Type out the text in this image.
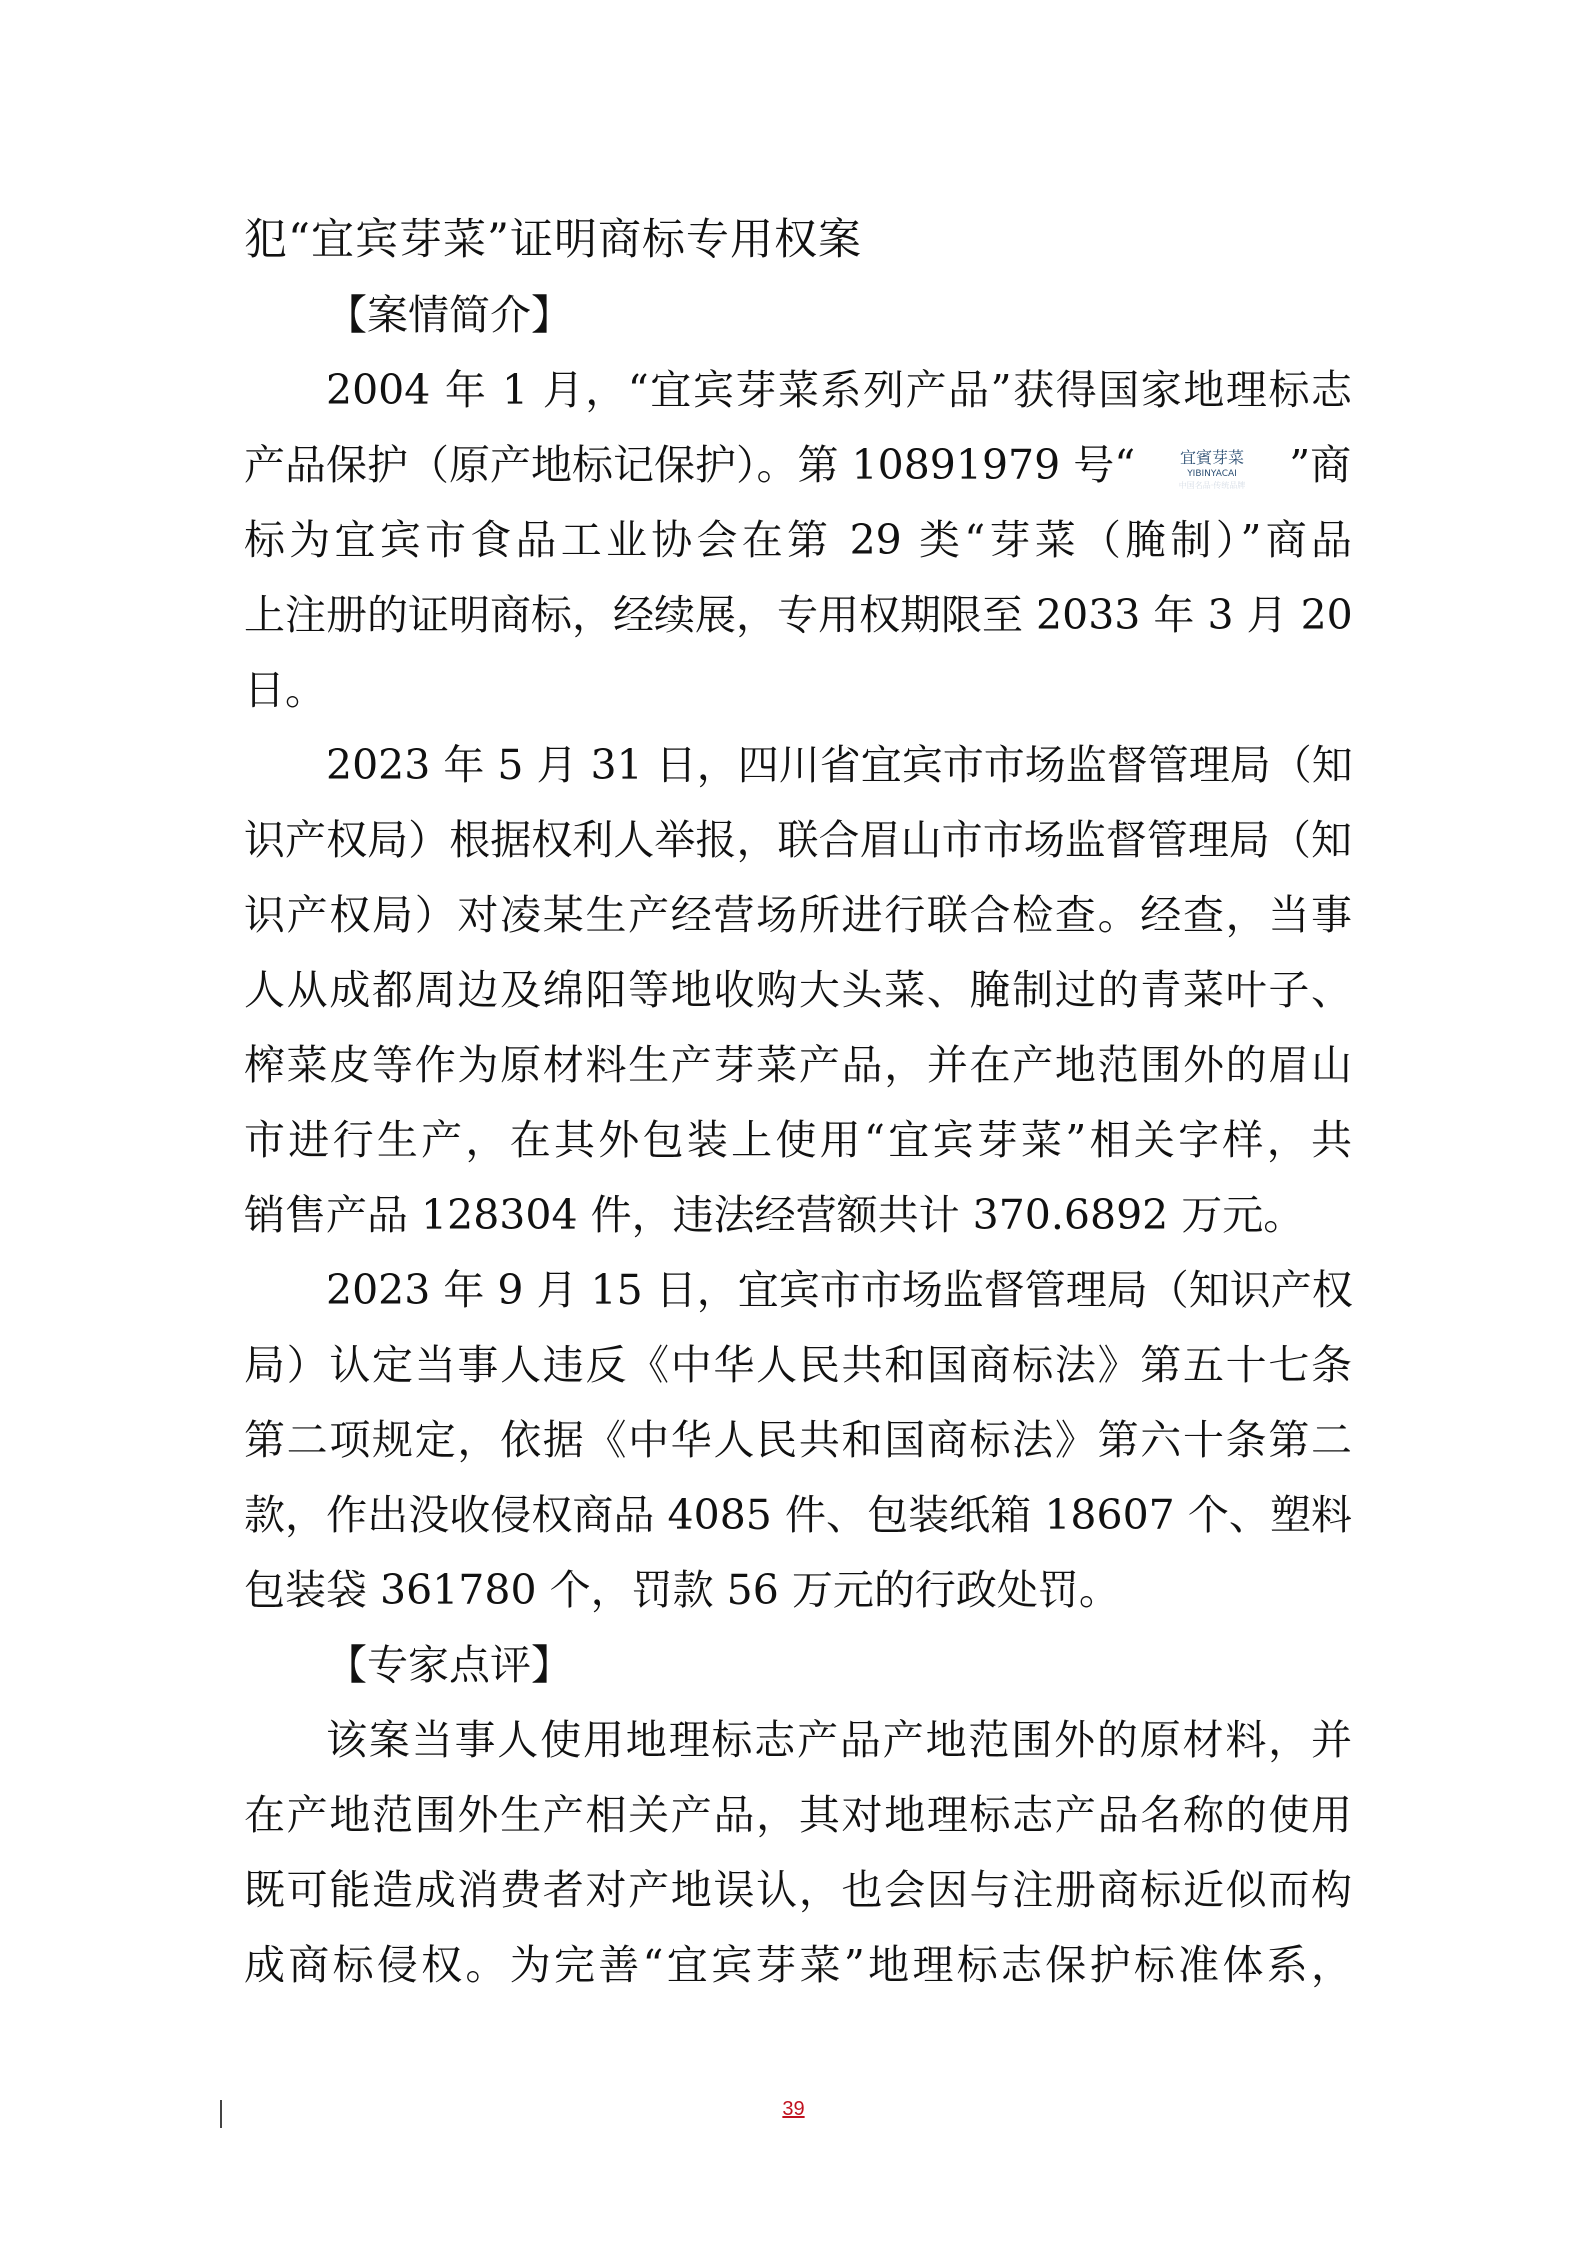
犯“宜宾芽菜”证明商标专用权案
【案情简介】
2004 年 1 月，“宜宾芽菜系列产品”获得国家地理标志
产品保护（原产地标记保护）。第 10891979 号“	宜賓芽菜
YIBINYACAI
中国名品·传统品牌 ”商
标为宜宾市食品工业协会在第 29 类“芽菜（腌制）”商品
上注册的证明商标，经续展，专用权期限至 2033 年 3 月 20
日。
2023 年 5 月 31 日，四川省宜宾市市场监督管理局（知
识产权局）根据权利人举报，联合眉山市市场监督管理局（知
识产权局）对凌某生产经营场所进行联合检查。经查，当事
人从成都周边及绵阳等地收购大头菜、腌制过的青菜叶子、
榨菜皮等作为原材料生产芽菜产品，并在产地范围外的眉山
市进行生产，在其外包装上使用“宜宾芽菜”相关字样，共
销售产品 128304 件，违法经营额共计 370.6892 万元。
2023 年 9 月 15 日，宜宾市市场监督管理局（知识产权
局）认定当事人违反《中华人民共和国商标法》第五十七条
第二项规定，依据《中华人民共和国商标法》第六十条第二
款，作出没收侵权商品 4085 件、包装纸箱 18607 个、塑料
包装袋 361780 个，罚款 56 万元的行政处罚。
【专家点评】
该案当事人使用地理标志产品产地范围外的原材料，并
在产地范围外生产相关产品，其对地理标志产品名称的使用
既可能造成消费者对产地误认，也会因与注册商标近似而构
成商标侵权。为完善“宜宾芽菜”地理标志保护标准体系，
39
